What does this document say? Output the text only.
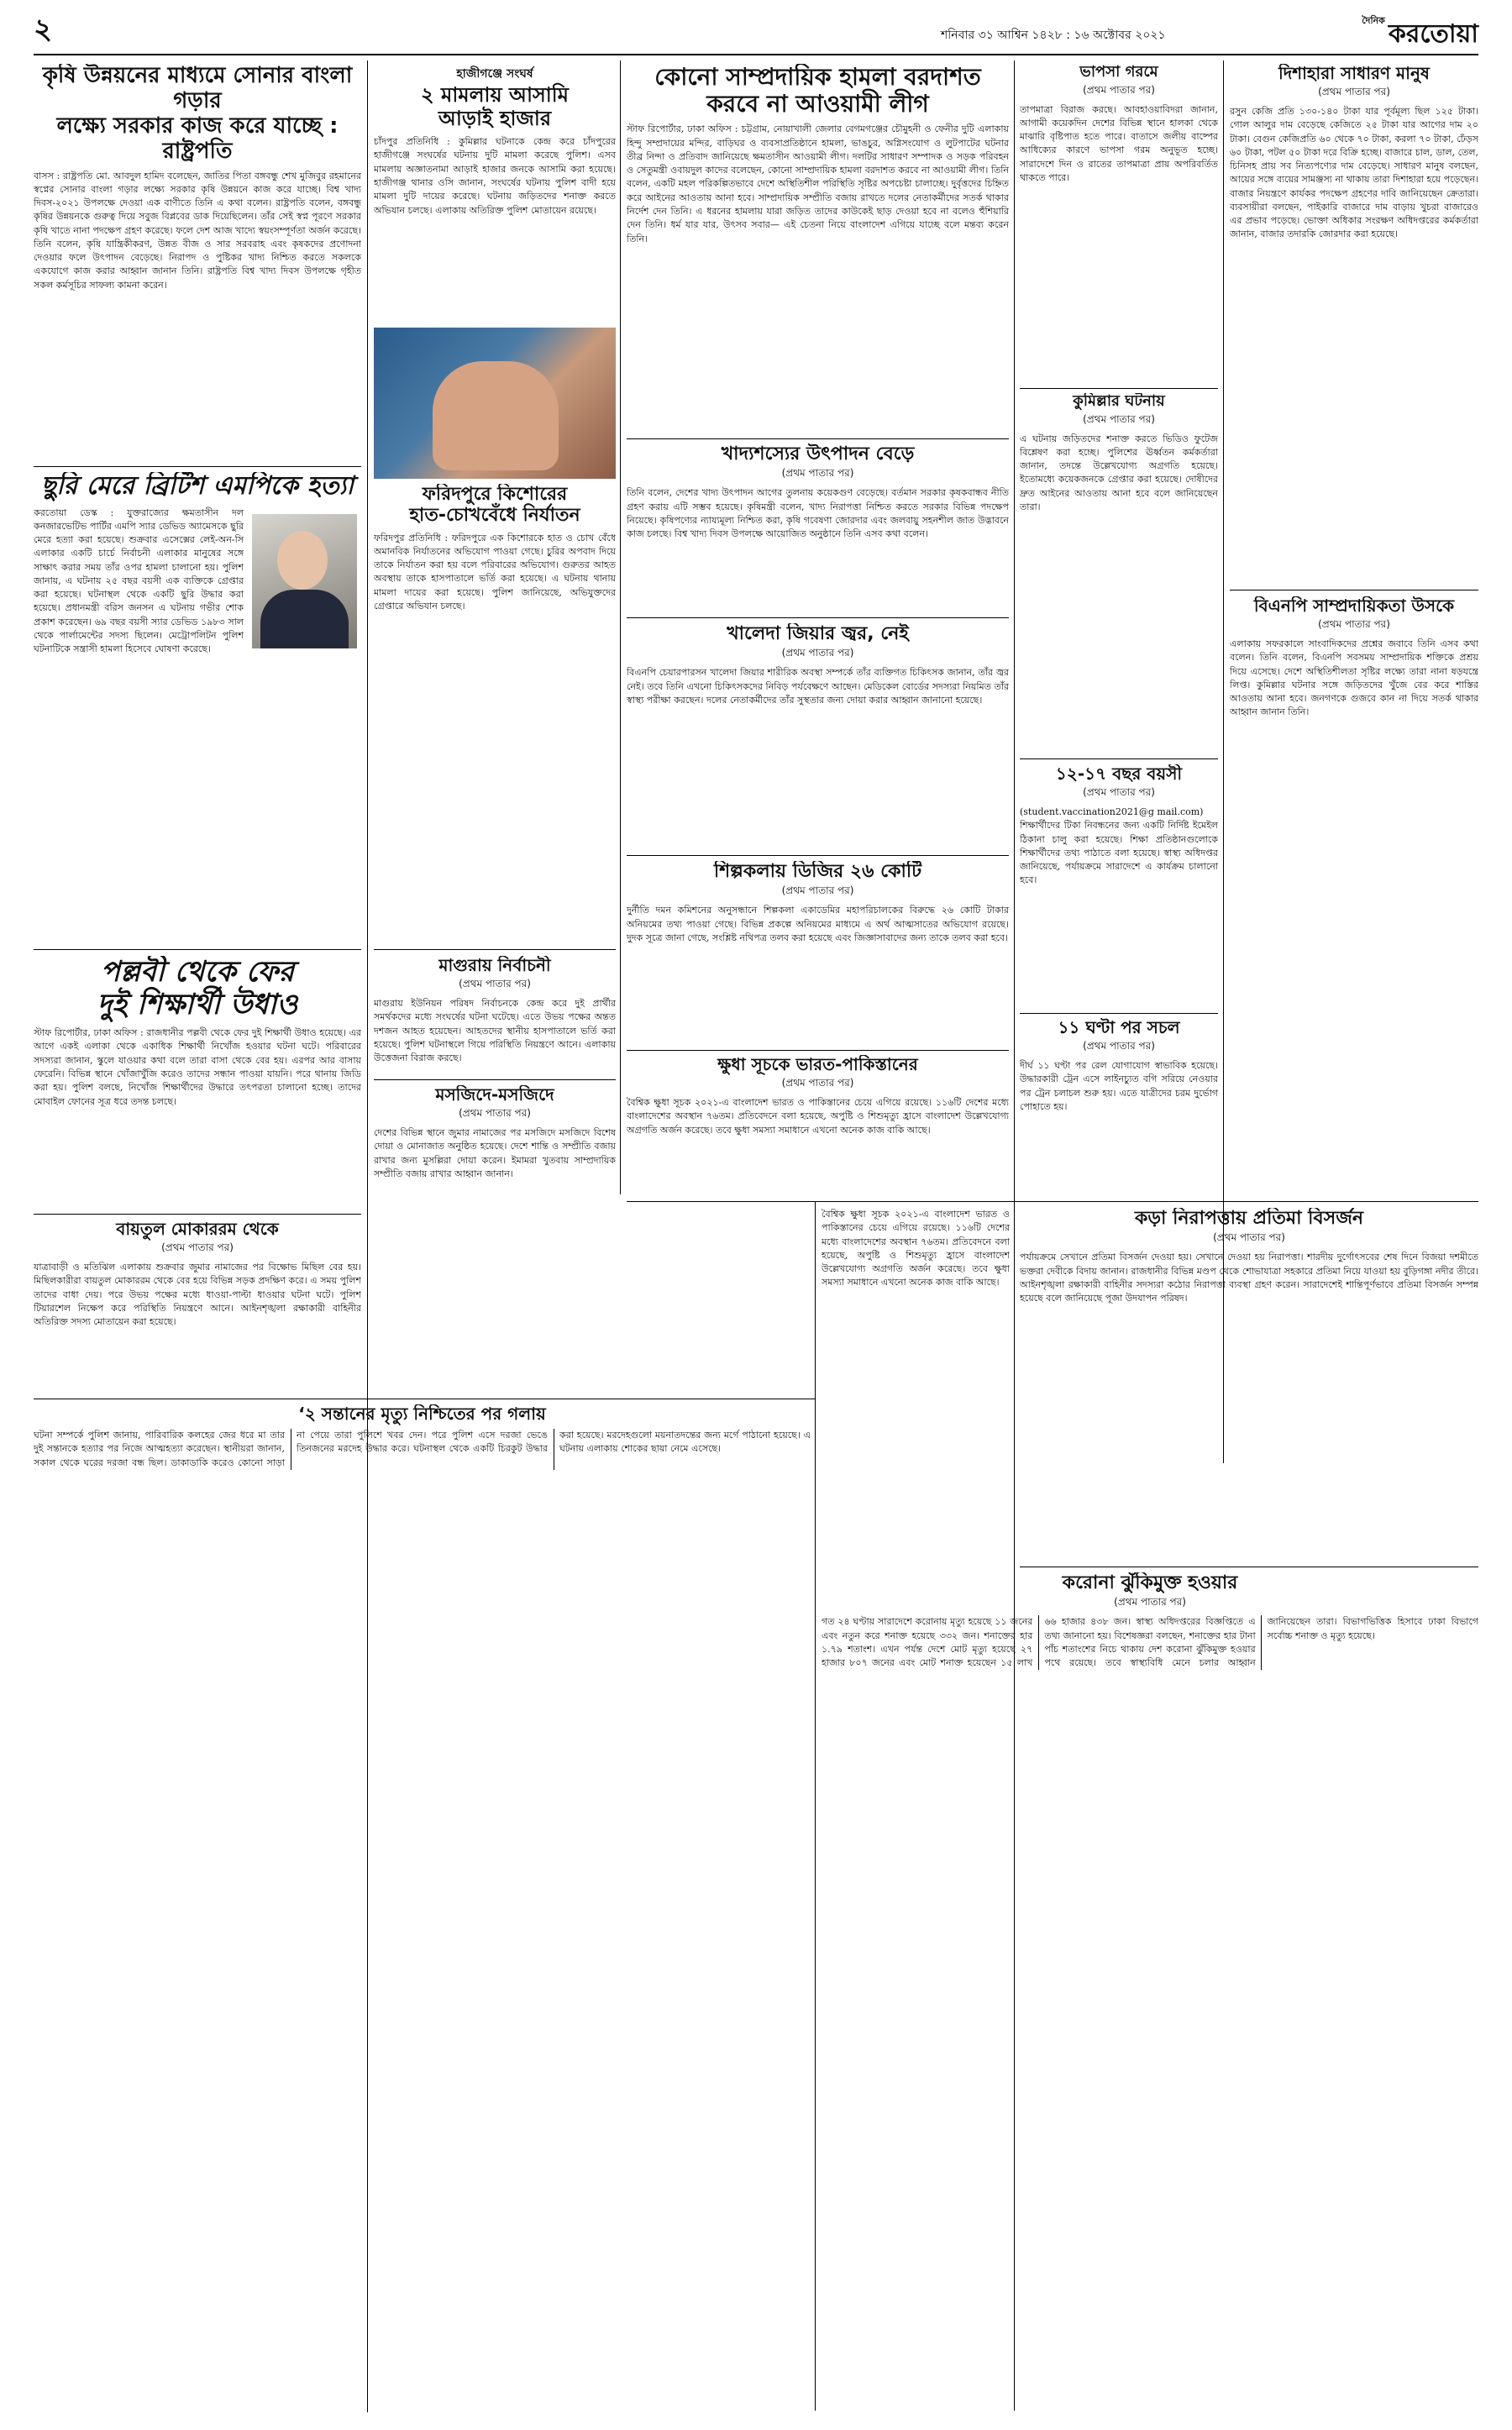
২	শনিবার ৩১ আশ্বিন ১৪২৮ : ১৬ অক্টোবর ২০২১
$^{দৈনিক}$ করতোয়া
কৃষি উন্নয়নের মাধ্যমে সোনার বাংলা গড়ার
লক্ষ্যে সরকার কাজ করে যাচ্ছে : রাষ্ট্রপতি
বাসস : রাষ্ট্রপতি মো. আবদুল হামিদ বলেছেন, জাতির পিতা বঙ্গবন্ধু শেখ মুজিবুর রহমানের স্বপ্নের সোনার বাংলা গড়ার লক্ষ্যে সরকার কৃষি উন্নয়নে কাজ করে যাচ্ছে। বিশ্ব খাদ্য দিবস-২০২১ উপলক্ষে দেওয়া এক বাণীতে তিনি এ কথা বলেন। রাষ্ট্রপতি বলেন, বঙ্গবন্ধু কৃষির উন্নয়নকে গুরুত্ব দিয়ে সবুজ বিপ্লবের ডাক দিয়েছিলেন। তাঁর সেই স্বপ্ন পূরণে সরকার কৃষি খাতে নানা পদক্ষেপ গ্রহণ করেছে। ফলে দেশ আজ খাদ্যে স্বয়ংসম্পূর্ণতা অর্জন করেছে। তিনি বলেন, কৃষি যান্ত্রিকীকরণ, উন্নত বীজ ও সার সরবরাহ এবং কৃষকদের প্রণোদনা দেওয়ার ফলে উৎপাদন বেড়েছে। নিরাপদ ও পুষ্টিকর খাদ্য নিশ্চিত করতে সকলকে একযোগে কাজ করার আহ্বান জানান তিনি। রাষ্ট্রপতি বিশ্ব খাদ্য দিবস উপলক্ষে গৃহীত সকল কর্মসূচির সাফল্য কামনা করেন।
ছুরি মেরে ব্রিটিশ এমপিকে হত্যা
করতোয়া ডেস্ক : যুক্তরাজ্যের ক্ষমতাসীন দল কনজারভেটিভ পার্টির এমপি স্যার ডেভিড অ্যামেসকে ছুরি মেরে হত্যা করা হয়েছে। শুক্রবার এসেক্সের লেই-অন-সি এলাকার একটি চার্চে নির্বাচনী এলাকার মানুষের সঙ্গে সাক্ষাৎ করার সময় তাঁর ওপর হামলা চালানো হয়। পুলিশ জানায়, এ ঘটনায় ২৫ বছর বয়সী এক ব্যক্তিকে গ্রেপ্তার করা হয়েছে। ঘটনাস্থল থেকে একটি ছুরি উদ্ধার করা হয়েছে। প্রধানমন্ত্রী বরিস জনসন এ ঘটনায় গভীর শোক প্রকাশ করেছেন। ৬৯ বছর বয়সী স্যার ডেভিড ১৯৮৩ সাল থেকে পার্লামেন্টের সদস্য ছিলেন। মেট্রোপলিটন পুলিশ ঘটনাটিকে সন্ত্রাসী হামলা হিসেবে ঘোষণা করেছে।
পল্লবী থেকে ফের
দুই শিক্ষার্থী উধাও
স্টাফ রিপোর্টার, ঢাকা অফিস : রাজধানীর পল্লবী থেকে ফের দুই শিক্ষার্থী উধাও হয়েছে। এর আগে একই এলাকা থেকে একাধিক শিক্ষার্থী নিখোঁজ হওয়ার ঘটনা ঘটে। পরিবারের সদস্যরা জানান, স্কুলে যাওয়ার কথা বলে তারা বাসা থেকে বের হয়। এরপর আর বাসায় ফেরেনি। বিভিন্ন স্থানে খোঁজাখুঁজি করেও তাদের সন্ধান পাওয়া যায়নি। পরে থানায় জিডি করা হয়। পুলিশ বলছে, নিখোঁজ শিক্ষার্থীদের উদ্ধারে তৎপরতা চালানো হচ্ছে। তাদের মোবাইল ফোনের সূত্র ধরে তদন্ত চলছে।
বায়তুল মোকাররম থেকে
(প্রথম পাতার পর)
যাত্রাবাড়ী ও মতিঝিল এলাকায় শুক্রবার জুমার নামাজের পর বিক্ষোভ মিছিল বের হয়। মিছিলকারীরা বায়তুল মোকাররম থেকে বের হয়ে বিভিন্ন সড়ক প্রদক্ষিণ করে। এ সময় পুলিশ তাদের বাধা দেয়। পরে উভয় পক্ষের মধ্যে ধাওয়া-পাল্টা ধাওয়ার ঘটনা ঘটে। পুলিশ টিয়ারশেল নিক্ষেপ করে পরিস্থিতি নিয়ন্ত্রণে আনে। আইনশৃঙ্খলা রক্ষাকারী বাহিনীর অতিরিক্ত সদস্য মোতায়েন করা হয়েছে।
‘২ সন্তানের মৃত্যু নিশ্চিতের পর গলায়
ঘটনা সম্পর্কে পুলিশ জানায়, পারিবারিক কলহের জের ধরে মা তার দুই সন্তানকে হত্যার পর নিজে আত্মহত্যা করেছেন। স্থানীয়রা জানান, সকাল থেকে ঘরের দরজা বন্ধ ছিল। ডাকাডাকি করেও কোনো সাড়া না পেয়ে তারা পুলিশে খবর দেন। পরে পুলিশ এসে দরজা ভেঙে তিনজনের মরদেহ উদ্ধার করে। ঘটনাস্থল থেকে একটি চিরকুট উদ্ধার করা হয়েছে। মরদেহগুলো ময়নাতদন্তের জন্য মর্গে পাঠানো হয়েছে। এ ঘটনায় এলাকায় শোকের ছায়া নেমে এসেছে।
হাজীগঞ্জে সংঘর্ষ
২ মামলায় আসামি
আড়াই হাজার
চাঁদপুর প্রতিনিধি : কুমিল্লার ঘটনাকে কেন্দ্র করে চাঁদপুরের হাজীগঞ্জে সংঘর্ষের ঘটনায় দুটি মামলা করেছে পুলিশ। এসব মামলায় অজ্ঞাতনামা আড়াই হাজার জনকে আসামি করা হয়েছে। হাজীগঞ্জ থানার ওসি জানান, সংঘর্ষের ঘটনায় পুলিশ বাদী হয়ে মামলা দুটি দায়ের করেছে। ঘটনায় জড়িতদের শনাক্ত করতে অভিযান চলছে। এলাকায় অতিরিক্ত পুলিশ মোতায়েন রয়েছে।
ফরিদপুরে কিশোরের
হাত-চোখবেঁধে নির্যাতন
ফরিদপুর প্রতিনিধি : ফরিদপুরে এক কিশোরকে হাত ও চোখ বেঁধে অমানবিক নির্যাতনের অভিযোগ পাওয়া গেছে। চুরির অপবাদ দিয়ে তাকে নির্যাতন করা হয় বলে পরিবারের অভিযোগ। গুরুতর আহত অবস্থায় তাকে হাসপাতালে ভর্তি করা হয়েছে। এ ঘটনায় থানায় মামলা দায়ের করা হয়েছে। পুলিশ জানিয়েছে, অভিযুক্তদের গ্রেপ্তারে অভিযান চলছে।
মাগুরায় নির্বাচনী
(প্রথম পাতার পর)
মাগুরায় ইউনিয়ন পরিষদ নির্বাচনকে কেন্দ্র করে দুই প্রার্থীর সমর্থকদের মধ্যে সংঘর্ষের ঘটনা ঘটেছে। এতে উভয় পক্ষের অন্তত দশজন আহত হয়েছেন। আহতদের স্থানীয় হাসপাতালে ভর্তি করা হয়েছে। পুলিশ ঘটনাস্থলে গিয়ে পরিস্থিতি নিয়ন্ত্রণে আনে। এলাকায় উত্তেজনা বিরাজ করছে।
মসজিদে-মসজিদে
(প্রথম পাতার পর)
দেশের বিভিন্ন স্থানে জুমার নামাজের পর মসজিদে মসজিদে বিশেষ দোয়া ও মোনাজাত অনুষ্ঠিত হয়েছে। দেশে শান্তি ও সম্প্রীতি বজায় রাখার জন্য মুসল্লিরা দোয়া করেন। ইমামরা খুতবায় সাম্প্রদায়িক সম্প্রীতি বজায় রাখার আহ্বান জানান।
কোনো সাম্প্রদায়িক হামলা বরদাশত
করবে না আওয়ামী লীগ
স্টাফ রিপোর্টার, ঢাকা অফিস : চট্টগ্রাম, নোয়াখালী জেলার বেগমগঞ্জের চৌমুহনী ও ফেনীর দুটি এলাকায় হিন্দু সম্প্রদায়ের মন্দির, বাড়িঘর ও ব্যবসাপ্রতিষ্ঠানে হামলা, ভাঙচুর, অগ্নিসংযোগ ও লুটপাটের ঘটনার তীব্র নিন্দা ও প্রতিবাদ জানিয়েছে ক্ষমতাসীন আওয়ামী লীগ। দলটির সাধারণ সম্পাদক ও সড়ক পরিবহন ও সেতুমন্ত্রী ওবায়দুল কাদের বলেছেন, কোনো সাম্প্রদায়িক হামলা বরদাশত করবে না আওয়ামী লীগ। তিনি বলেন, একটি মহল পরিকল্পিতভাবে দেশে অস্থিতিশীল পরিস্থিতি সৃষ্টির অপচেষ্টা চালাচ্ছে। দুর্বৃত্তদের চিহ্নিত করে আইনের আওতায় আনা হবে। সাম্প্রদায়িক সম্প্রীতি বজায় রাখতে দলের নেতাকর্মীদের সতর্ক থাকার নির্দেশ দেন তিনি। এ ধরনের হামলায় যারা জড়িত তাদের কাউকেই ছাড় দেওয়া হবে না বলেও হুঁশিয়ারি দেন তিনি। ধর্ম যার যার, উৎসব সবার— এই চেতনা নিয়ে বাংলাদেশ এগিয়ে যাচ্ছে বলে মন্তব্য করেন তিনি।
খাদ্যশস্যের উৎপাদন বেড়ে
(প্রথম পাতার পর)
তিনি বলেন, দেশের খাদ্য উৎপাদন আগের তুলনায় কয়েকগুণ বেড়েছে। বর্তমান সরকার কৃষকবান্ধব নীতি গ্রহণ করায় এটি সম্ভব হয়েছে। কৃষিমন্ত্রী বলেন, খাদ্য নিরাপত্তা নিশ্চিত করতে সরকার বিভিন্ন পদক্ষেপ নিয়েছে। কৃষিপণ্যের ন্যায্যমূল্য নিশ্চিত করা, কৃষি গবেষণা জোরদার এবং জলবায়ু সহনশীল জাত উদ্ভাবনে কাজ চলছে। বিশ্ব খাদ্য দিবস উপলক্ষে আয়োজিত অনুষ্ঠানে তিনি এসব কথা বলেন।
খালেদা জিয়ার জ্বর, নেই
(প্রথম পাতার পর)
বিএনপি চেয়ারপারসন খালেদা জিয়ার শারীরিক অবস্থা সম্পর্কে তাঁর ব্যক্তিগত চিকিৎসক জানান, তাঁর জ্বর নেই। তবে তিনি এখনো চিকিৎসকদের নিবিড় পর্যবেক্ষণে আছেন। মেডিকেল বোর্ডের সদস্যরা নিয়মিত তাঁর স্বাস্থ্য পরীক্ষা করছেন। দলের নেতাকর্মীদের তাঁর সুস্থতার জন্য দোয়া করার আহ্বান জানানো হয়েছে।
শিল্পকলায় ডিজির ২৬ কোটি
(প্রথম পাতার পর)
দুর্নীতি দমন কমিশনের অনুসন্ধানে শিল্পকলা একাডেমির মহাপরিচালকের বিরুদ্ধে ২৬ কোটি টাকার অনিয়মের তথ্য পাওয়া গেছে। বিভিন্ন প্রকল্পে অনিয়মের মাধ্যমে এ অর্থ আত্মসাতের অভিযোগ রয়েছে। দুদক সূত্রে জানা গেছে, সংশ্লিষ্ট নথিপত্র তলব করা হয়েছে এবং জিজ্ঞাসাবাদের জন্য তাকে তলব করা হবে।
ক্ষুধা সূচকে ভারত-পাকিস্তানের
(প্রথম পাতার পর)
বৈশ্বিক ক্ষুধা সূচক ২০২১-এ বাংলাদেশ ভারত ও পাকিস্তানের চেয়ে এগিয়ে রয়েছে। ১১৬টি দেশের মধ্যে বাংলাদেশের অবস্থান ৭৬তম। প্রতিবেদনে বলা হয়েছে, অপুষ্টি ও শিশুমৃত্যু হ্রাসে বাংলাদেশ উল্লেখযোগ্য অগ্রগতি অর্জন করেছে। তবে ক্ষুধা সমস্যা সমাধানে এখনো অনেক কাজ বাকি আছে।
ভাপসা গরমে
(প্রথম পাতার পর)
তাপমাত্রা বিরাজ করছে। আবহাওয়াবিদরা জানান, আগামী কয়েকদিন দেশের বিভিন্ন স্থানে হালকা থেকে মাঝারি বৃষ্টিপাত হতে পারে। বাতাসে জলীয় বাষ্পের আধিক্যের কারণে ভাপসা গরম অনুভূত হচ্ছে। সারাদেশে দিন ও রাতের তাপমাত্রা প্রায় অপরিবর্তিত থাকতে পারে।
কুমিল্লার ঘটনায়
(প্রথম পাতার পর)
এ ঘটনায় জড়িতদের শনাক্ত করতে ভিডিও ফুটেজ বিশ্লেষণ করা হচ্ছে। পুলিশের ঊর্ধ্বতন কর্মকর্তারা জানান, তদন্তে উল্লেখযোগ্য অগ্রগতি হয়েছে। ইতোমধ্যে কয়েকজনকে গ্রেপ্তার করা হয়েছে। দোষীদের দ্রুত আইনের আওতায় আনা হবে বলে জানিয়েছেন তারা।
১২-১৭ বছর বয়সী
(প্রথম পাতার পর)
(student.vaccination2021@g mail.com)
শিক্ষার্থীদের টিকা নিবন্ধনের জন্য একটি নির্দিষ্ট ইমেইল ঠিকানা চালু করা হয়েছে। শিক্ষা প্রতিষ্ঠানগুলোকে শিক্ষার্থীদের তথ্য পাঠাতে বলা হয়েছে। স্বাস্থ্য অধিদপ্তর জানিয়েছে, পর্যায়ক্রমে সারাদেশে এ কার্যক্রম চালানো হবে।
১১ ঘণ্টা পর সচল
(প্রথম পাতার পর)
দীর্ঘ ১১ ঘণ্টা পর রেল যোগাযোগ স্বাভাবিক হয়েছে। উদ্ধারকারী ট্রেন এসে লাইনচ্যুত বগি সরিয়ে নেওয়ার পর ট্রেন চলাচল শুরু হয়। এতে যাত্রীদের চরম দুর্ভোগ পোহাতে হয়।
দিশাহারা সাধারণ মানুষ
(প্রথম পাতার পর)
রসুন কেজি প্রতি ১৩০-১৪০ টাকা যার পূর্বমূল্য ছিল ১২৫ টাকা। গোল আলুর দাম বেড়েছে কেজিতে ২৫ টাকা যার আগের দাম ২০ টাকা। বেগুন কেজিপ্রতি ৬০ থেকে ৭০ টাকা, করলা ৭০ টাকা, ঢেঁড়স ৬০ টাকা, পটল ৫০ টাকা দরে বিক্রি হচ্ছে। বাজারে চাল, ডাল, তেল, চিনিসহ প্রায় সব নিত্যপণ্যের দাম বেড়েছে। সাধারণ মানুষ বলছেন, আয়ের সঙ্গে ব্যয়ের সামঞ্জস্য না থাকায় তারা দিশাহারা হয়ে পড়েছেন। বাজার নিয়ন্ত্রণে কার্যকর পদক্ষেপ গ্রহণের দাবি জানিয়েছেন ক্রেতারা। ব্যবসায়ীরা বলছেন, পাইকারি বাজারে দাম বাড়ায় খুচরা বাজারেও এর প্রভাব পড়েছে। ভোক্তা অধিকার সংরক্ষণ অধিদপ্তরের কর্মকর্তারা জানান, বাজার তদারকি জোরদার করা হয়েছে।
বিএনপি সাম্প্রদায়িকতা উসকে
(প্রথম পাতার পর)
এলাকায় সফরকালে সাংবাদিকদের প্রশ্নের জবাবে তিনি এসব কথা বলেন। তিনি বলেন, বিএনপি সবসময় সাম্প্রদায়িক শক্তিকে প্রশ্রয় দিয়ে এসেছে। দেশে অস্থিতিশীলতা সৃষ্টির লক্ষ্যে তারা নানা ষড়যন্ত্রে লিপ্ত। কুমিল্লার ঘটনার সঙ্গে জড়িতদের খুঁজে বের করে শাস্তির আওতায় আনা হবে। জনগণকে গুজবে কান না দিয়ে সতর্ক থাকার আহ্বান জানান তিনি।
কড়া নিরাপত্তায় প্রতিমা বিসর্জন
(প্রথম পাতার পর)
পর্যায়ক্রমে সেখানে প্রতিমা বিসর্জন দেওয়া হয়। সেখানে দেওয়া হয় নিরাপত্তা। শারদীয় দুর্গোৎসবের শেষ দিনে বিজয়া দশমীতে ভক্তরা দেবীকে বিদায় জানান। রাজধানীর বিভিন্ন মণ্ডপ থেকে শোভাযাত্রা সহকারে প্রতিমা নিয়ে যাওয়া হয় বুড়িগঙ্গা নদীর তীরে। আইনশৃঙ্খলা রক্ষাকারী বাহিনীর সদস্যরা কঠোর নিরাপত্তা ব্যবস্থা গ্রহণ করেন। সারাদেশেই শান্তিপূর্ণভাবে প্রতিমা বিসর্জন সম্পন্ন হয়েছে বলে জানিয়েছে পূজা উদযাপন পরিষদ।
করোনা ঝুঁকিমুক্ত হওয়ার
(প্রথম পাতার পর)
গত ২৪ ঘণ্টায় সারাদেশে করোনায় মৃত্যু হয়েছে ১১ জনের এবং নতুন করে শনাক্ত হয়েছে ৩৩২ জন। শনাক্তের হার ১.৭৯ শতাংশ। এখন পর্যন্ত দেশে মোট মৃত্যু হয়েছে ২৭ হাজার ৮০৭ জনের এবং মোট শনাক্ত হয়েছেন ১৫ লাখ ৬৬ হাজার ৪৩৮ জন। স্বাস্থ্য অধিদপ্তরের বিজ্ঞপ্তিতে এ তথ্য জানানো হয়। বিশেষজ্ঞরা বলছেন, শনাক্তের হার টানা পাঁচ শতাংশের নিচে থাকায় দেশ করোনা ঝুঁকিমুক্ত হওয়ার পথে রয়েছে। তবে স্বাস্থ্যবিধি মেনে চলার আহ্বান জানিয়েছেন তারা। বিভাগভিত্তিক হিসাবে ঢাকা বিভাগে সর্বোচ্চ শনাক্ত ও মৃত্যু হয়েছে।
বৈশ্বিক ক্ষুধা সূচক ২০২১-এ বাংলাদেশ ভারত ও পাকিস্তানের চেয়ে এগিয়ে রয়েছে। ১১৬টি দেশের মধ্যে বাংলাদেশের অবস্থান ৭৬তম। প্রতিবেদনে বলা হয়েছে, অপুষ্টি ও শিশুমৃত্যু হ্রাসে বাংলাদেশ উল্লেখযোগ্য অগ্রগতি অর্জন করেছে। তবে ক্ষুধা সমস্যা সমাধানে এখনো অনেক কাজ বাকি আছে।
